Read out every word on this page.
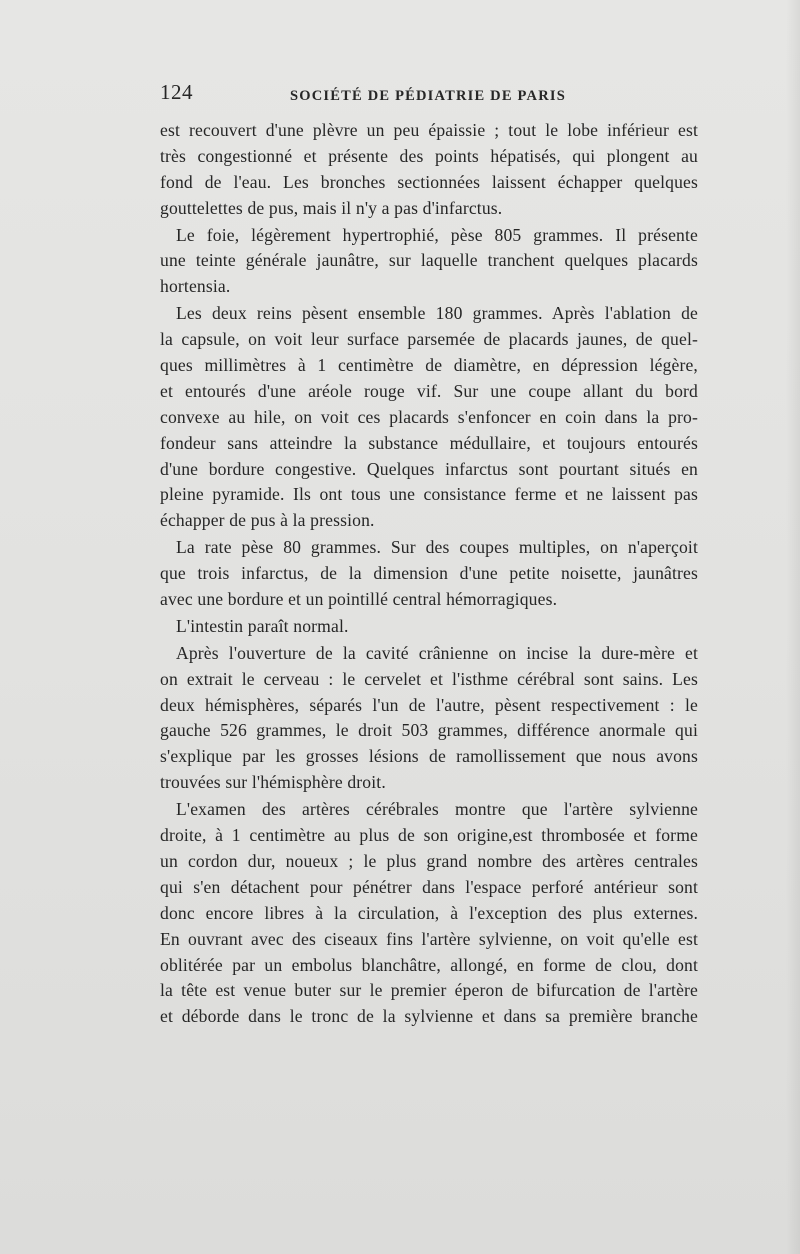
124	SOCIÉTÉ DE PÉDIATRIE DE PARIS
est recouvert d'une plèvre un peu épaissie ; tout le lobe inférieur est
très congestionné et présente des points hépatisés, qui plongent au
fond de l'eau. Les bronches sectionnées laissent échapper quelques
gouttelettes de pus, mais il n'y a pas d'infarctus.
Le foie, légèrement hypertrophié, pèse 805 grammes. Il présente
une teinte générale jaunâtre, sur laquelle tranchent quelques placards
hortensia.
Les deux reins pèsent ensemble 180 grammes. Après l'ablation de
la capsule, on voit leur surface parsemée de placards jaunes, de quel-
ques millimètres à 1 centimètre de diamètre, en dépression légère,
et entourés d'une aréole rouge vif. Sur une coupe allant du bord
convexe au hile, on voit ces placards s'enfoncer en coin dans la pro-
fondeur sans atteindre la substance médullaire, et toujours entourés
d'une bordure congestive. Quelques infarctus sont pourtant situés en
pleine pyramide. Ils ont tous une consistance ferme et ne laissent pas
échapper de pus à la pression.
La rate pèse 80 grammes. Sur des coupes multiples, on n'aperçoit
que trois infarctus, de la dimension d'une petite noisette, jaunâtres
avec une bordure et un pointillé central hémorragiques.
L'intestin paraît normal.
Après l'ouverture de la cavité crânienne on incise la dure-mère et
on extrait le cerveau : le cervelet et l'isthme cérébral sont sains. Les
deux hémisphères, séparés l'un de l'autre, pèsent respectivement : le
gauche 526 grammes, le droit 503 grammes, différence anormale qui
s'explique par les grosses lésions de ramollissement que nous avons
trouvées sur l'hémisphère droit.
L'examen des artères cérébrales montre que l'artère sylvienne
droite, à 1 centimètre au plus de son origine,est thrombosée et forme
un cordon dur, noueux ; le plus grand nombre des artères centrales
qui s'en détachent pour pénétrer dans l'espace perforé antérieur sont
donc encore libres à la circulation, à l'exception des plus externes.
En ouvrant avec des ciseaux fins l'artère sylvienne, on voit qu'elle est
oblitérée par un embolus blanchâtre, allongé, en forme de clou, dont
la tête est venue buter sur le premier éperon de bifurcation de l'artère
et déborde dans le tronc de la sylvienne et dans sa première branche
